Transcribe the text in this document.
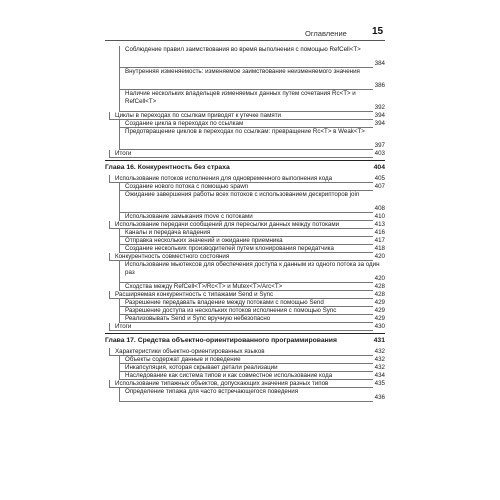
Оглавление	15
Соблюдение правил заимствования во время выполнения с помощью RefCell<T>
384
Внутренняя изменяемость: изменяемое заимствование неизменяемого значения
386
Наличие нескольких владельцев изменяемых данных путем сочетания Rc<T> и RefCell<T>
392
Циклы в переходах по ссылкам приводят к утечке памяти	394
Создание цикла в переходах по ссылкам	394
Предотвращение циклов в переходах по ссылкам: превращение Rc<T> в Weak<T>
397
Итоги	403
Глава 16. Конкурентность без страха	404
Использование потоков исполнения для одновременного выполнения кода	405
Создание нового потока с помощью spawn	407
Ожидание завершения работы всех потоков с использованием дескрипторов join
408
Использование замыкания move с потоками	410
Использование передачи сообщений для пересылки данных между потоками	413
Каналы и передача владения	416
Отправка нескольких значений и ожидание приемника	417
Создание нескольких производителей путем клонирования передатчика	418
Конкурентность совместного состояния	420
Использование мьютексов для обеспечения доступа к данным из одного потока за один раз
420
Сходства между RefCell<T>/Rc<T> и Mutex<T>/Arc<T>	428
Расширяемая конкурентность с типажами Send и Sync	428
Разрешение передавать владение между потоками с помощью Send	429
Разрешение доступа из нескольких потоков исполнения с помощью Sync	429
Реализовывать Send и Sync вручную небезопасно	429
Итоги	430
Глава 17. Средства объектно-ориентированного программирования	431
Характеристики объектно-ориентированных языков	432
Объекты содержат данные и поведение	432
Инкапсуляция, которая скрывает детали реализации	432
Наследование как система типов и как совместное использование кода	434
Использование типажных объектов, допускающих значения разных типов	435
Определение типажа для часто встречающегося поведения
436
